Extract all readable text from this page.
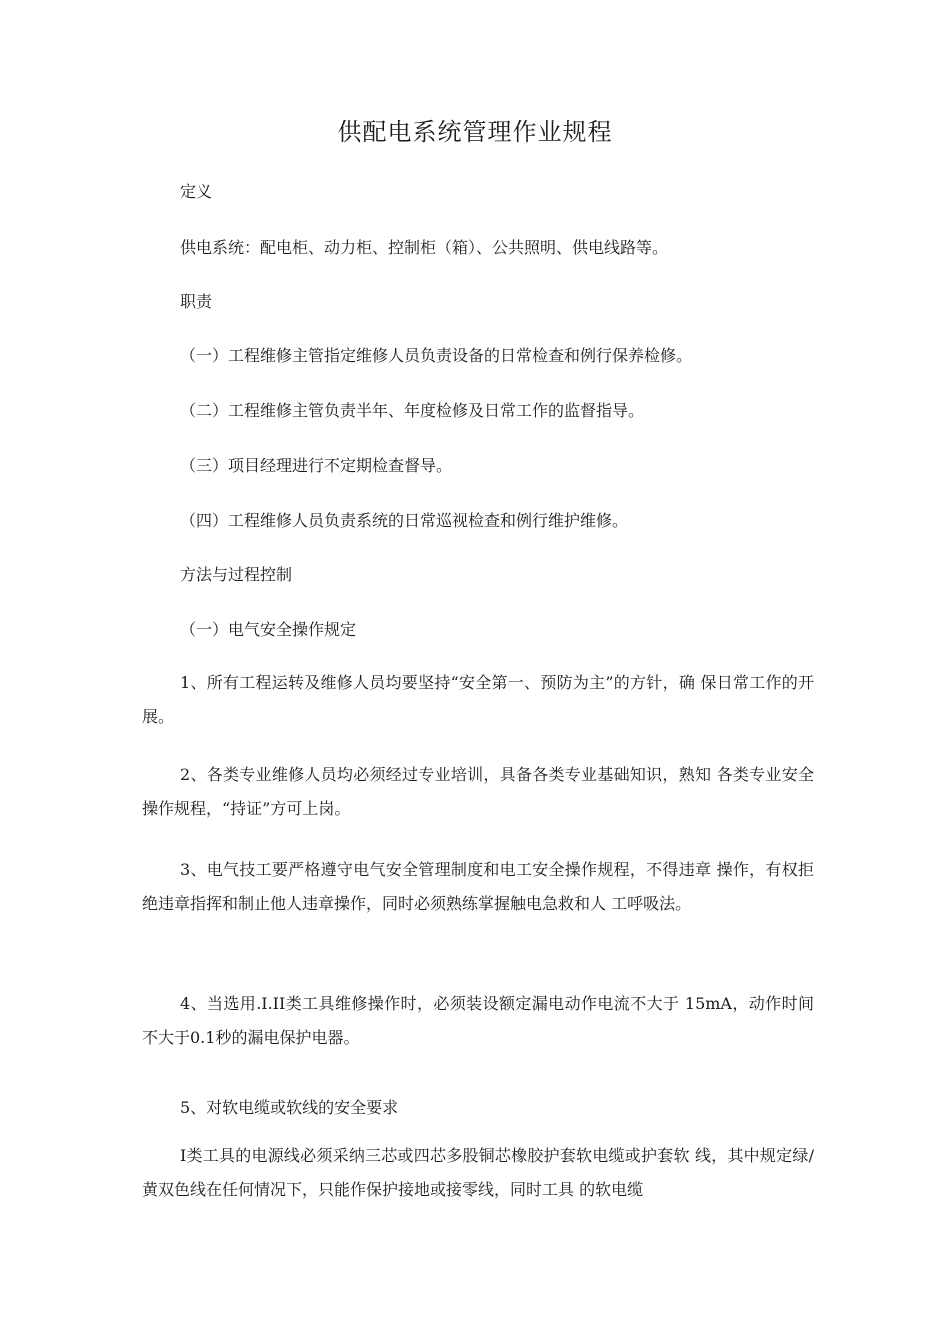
供配电系统管理作业规程

定义

供电系统：配电柜、动力柜、控制柜（箱）、公共照明、供电线路等。

职责

（一）工程维修主管指定维修人员负责设备的日常检查和例行保养检修。

（二）工程维修主管负责半年、年度检修及日常工作的监督指导。

（三）项目经理进行不定期检查督导。

（四）工程维修人员负责系统的日常巡视检查和例行维护维修。

方法与过程控制

（一）电气安全操作规定

1、所有工程运转及维修人员均要坚持“安全第一、预防为主”的方针，确 保日常工作的开展。

2、各类专业维修人员均必须经过专业培训，具备各类专业基础知识，熟知 各类专业安全操作规程，“持证”方可上岗。

3、电气技工要严格遵守电气安全管理制度和电工安全操作规程，不得违章 操作，有权拒绝违章指挥和制止他人违章操作，同时必须熟练掌握触电急救和人 工呼吸法。

4、当选用.I.II类工具维修操作时，必须装设额定漏电动作电流不大于 15mA，动作时间不大于0.1秒的漏电保护电器。

5、对软电缆或软线的安全要求

I类工具的电源线必须采纳三芯或四芯多股铜芯橡胶护套软电缆或护套软 线，其中规定绿/黄双色线在任何情况下，只能作保护接地或接零线，同时工具 的软电缆
